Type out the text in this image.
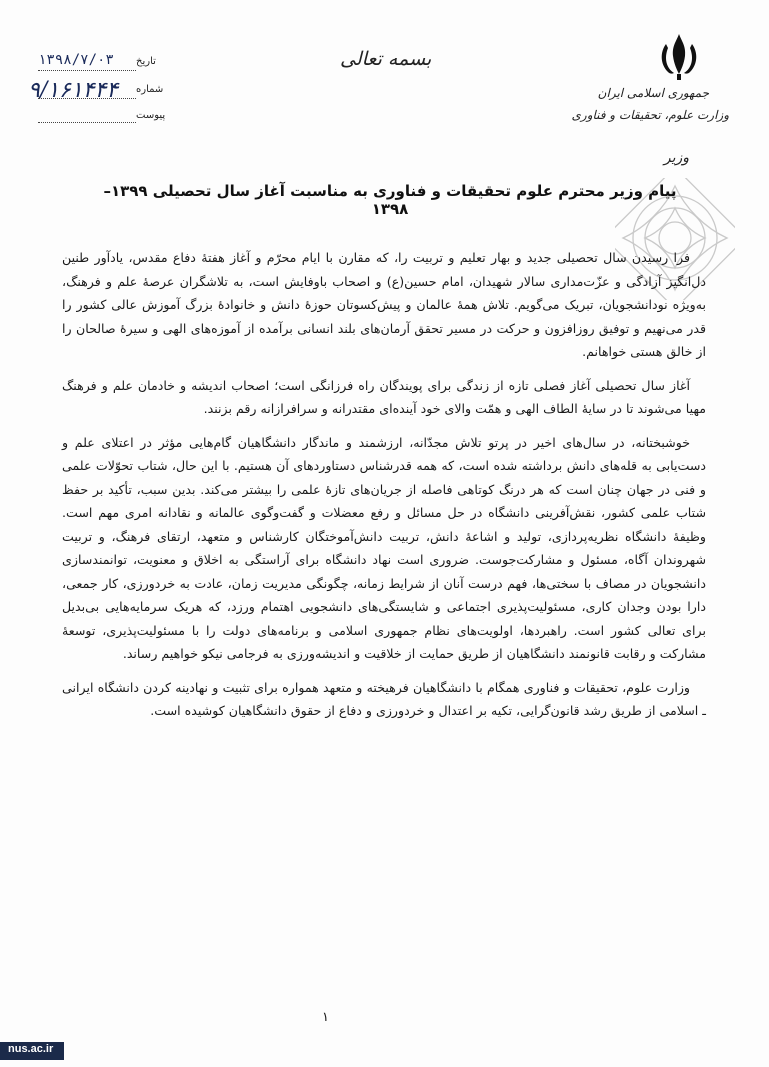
جمهوری اسلامی ایران
وزارت علوم، تحقیقات و فناوری
وزیر
بسمه تعالی
تاریخ
۱۳۹۸/۷/۰۳
شماره
۹/۱۶۱۴۴۴
پیوست
پیام وزیر محترم علوم تحقیقات و فناوری به مناسبت آغاز سال تحصیلی ۱۳۹۹–۱۳۹۸

فرا رسیدن سال تحصیلی جدید و بهار تعلیم و تربیت را، که مقارن با ایام محرّم و آغاز هفتهٔ دفاع مقدس، یادآور طنین دل‌انگیز آزادگی و عزّت‌مداری سالار شهیدان، امام حسین(ع) و اصحاب باوفایش است، به تلاشگران عرصهٔ علم و فرهنگ، به‌ویژه نودانشجویان، تبریک می‌گویم. تلاش همهٔ عالمان و پیش‌کسوتان حوزهٔ دانش و خانوادهٔ بزرگ آموزش عالی کشور را قدر می‌نهیم و توفیق روزافزون و حرکت در مسیر تحقق آرمان‌های بلند انسانی برآمده از آموزه‌های الهی و سیرهٔ صالحان را از خالق هستی خواهانم.

آغاز سال تحصیلی آغاز فصلی تازه از زندگی برای پویندگان راه فرزانگی است؛ اصحاب اندیشه و خادمان علم و فرهنگ مهیا می‌شوند تا در سایهٔ الطاف الهی و همّت والای خود آینده‌ای مقتدرانه و سرافرازانه رقم بزنند.

خوشبختانه، در سال‌های اخیر در پرتو تلاش مجدّانه، ارزشمند و ماندگار دانشگاهیان گام‌هایی مؤثر در اعتلای علم و دست‌یابی به قله‌های دانش برداشته شده است، که همه قدرشناس دستاوردهای آن هستیم. با این حال، شتاب تحوّلات علمی و فنی در جهان چنان است که هر درنگ کوتاهی فاصله از جریان‌های تازهٔ علمی را بیشتر می‌کند. بدین سبب، تأکید بر حفظ شتاب علمی کشور، نقش‌آفرینی دانشگاه در حل مسائل و رفع معضلات و گفت‌وگوی عالمانه و نقادانه امری مهم است. وظیفهٔ دانشگاه نظریه‌پردازی، تولید و اشاعهٔ دانش، تربیت دانش‌آموختگان کارشناس و متعهد، ارتقای فرهنگ، و تربیت شهروندان آگاه، مسئول و مشارکت‌جوست. ضروری است نهاد دانشگاه برای آراستگی به اخلاق و معنویت، توانمندسازی دانشجویان در مصاف با سختی‌ها، فهم درست آنان از شرایط زمانه، چگونگی مدیریت زمان، عادت به خردورزی، کار جمعی، دارا بودن وجدان کاری، مسئولیت‌پذیری اجتماعی و شایستگی‌های دانشجویی اهتمام ورزد، که هریک سرمایه‌هایی بی‌بدیل برای تعالی کشور است. راهبردها، اولویت‌های نظام جمهوری اسلامی و برنامه‌های دولت را با مسئولیت‌پذیری، توسعهٔ مشارکت و رقابت قانونمند دانشگاهیان از طریق حمایت از خلاقیت و اندیشه‌ورزی به فرجامی نیکو خواهیم رساند.

وزارت علوم، تحقیقات و فناوری همگام با دانشگاهیان فرهیخته و متعهد همواره برای تثبیت و نهادینه کردن دانشگاه ایرانی ـ اسلامی از طریق رشد قانون‌گرایی، تکیه بر اعتدال و خردورزی و دفاع از حقوق دانشگاهیان کوشیده است.

۱
nus.ac.ir
